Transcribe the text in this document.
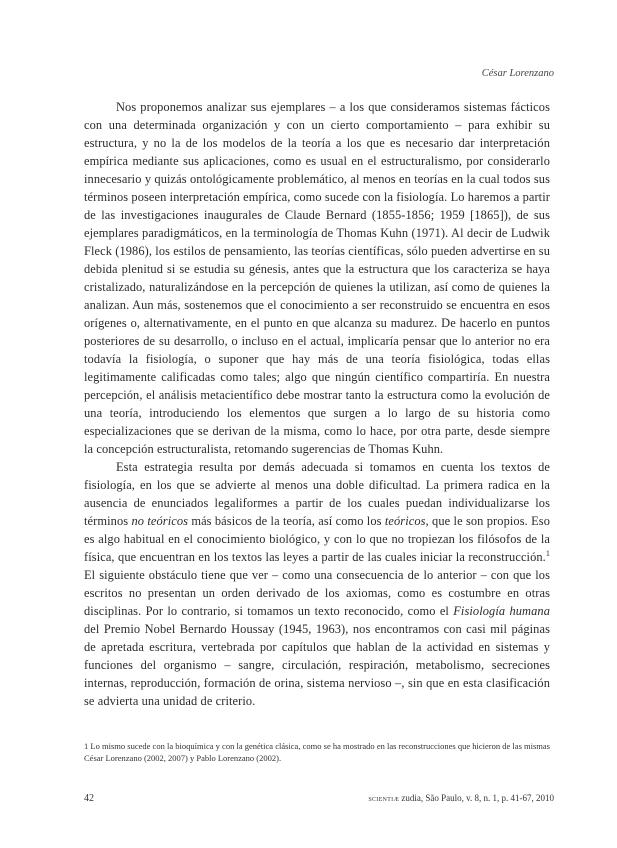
César Lorenzano

Nos proponemos analizar sus ejemplares – a los que consideramos sistemas fácticos con una determinada organización y con un cierto comportamiento – para exhibir su estructura, y no la de los modelos de la teoría a los que es necesario dar interpretación empírica mediante sus aplicaciones, como es usual en el estructuralismo, por considerarlo innecesario y quizás ontológicamente problemático, al menos en teorías en la cual todos sus términos poseen interpretación empírica, como sucede con la fisiología. Lo haremos a partir de las investigaciones inaugurales de Claude Bernard (1855-1856; 1959 [1865]), de sus ejemplares paradigmáticos, en la terminología de Thomas Kuhn (1971). Al decir de Ludwik Fleck (1986), los estilos de pensamiento, las teorías científicas, sólo pueden advertirse en su debida plenitud si se estudia su génesis, antes que la estructura que los caracteriza se haya cristalizado, naturalizándose en la percepción de quienes la utilizan, así como de quienes la analizan. Aun más, sostenemos que el conocimiento a ser reconstruido se encuentra en esos orígenes o, alternativamente, en el punto en que alcanza su madurez. De hacerlo en puntos posteriores de su desarrollo, o incluso en el actual, implicaría pensar que lo anterior no era todavía la fisiología, o suponer que hay más de una teoría fisiológica, todas ellas legitimamente calificadas como tales; algo que ningún científico compartiría. En nuestra percepción, el análisis metacientífico debe mostrar tanto la estructura como la evolución de una teoría, introduciendo los elementos que surgen a lo largo de su historia como especializaciones que se derivan de la misma, como lo hace, por otra parte, desde siempre la concepción estructuralista, retomando sugerencias de Thomas Kuhn.

Esta estrategia resulta por demás adecuada si tomamos en cuenta los textos de fisiología, en los que se advierte al menos una doble dificultad. La primera radica en la ausencia de enunciados legaliformes a partir de los cuales puedan individualizarse los términos no teóricos más básicos de la teoría, así como los teóricos, que le son propios. Eso es algo habitual en el conocimiento biológico, y con lo que no tropiezan los filósofos de la física, que encuentran en los textos las leyes a partir de las cuales iniciar la reconstrucción.$^1$ El siguiente obstáculo tiene que ver – como una consecuencia de lo anterior – con que los escritos no presentan un orden derivado de los axiomas, como es costumbre en otras disciplinas. Por lo contrario, si tomamos un texto reconocido, como el Fisiología humana del Premio Nobel Bernardo Houssay (1945, 1963), nos encontramos con casi mil páginas de apretada escritura, vertebrada por capítulos que hablan de la actividad en sistemas y funciones del organismo – sangre, circulación, respiración, metabolismo, secreciones internas, reproducción, formación de orina, sistema nervioso –, sin que en esta clasificación se advierta una unidad de criterio.

1 Lo mismo sucede con la bioquímica y con la genética clásica, como se ha mostrado en las reconstrucciones que hicieron de las mismas César Lorenzano (2002, 2007) y Pablo Lorenzano (2002).
42	scientiæ zudia, São Paulo, v. 8, n. 1, p. 41-67, 2010
